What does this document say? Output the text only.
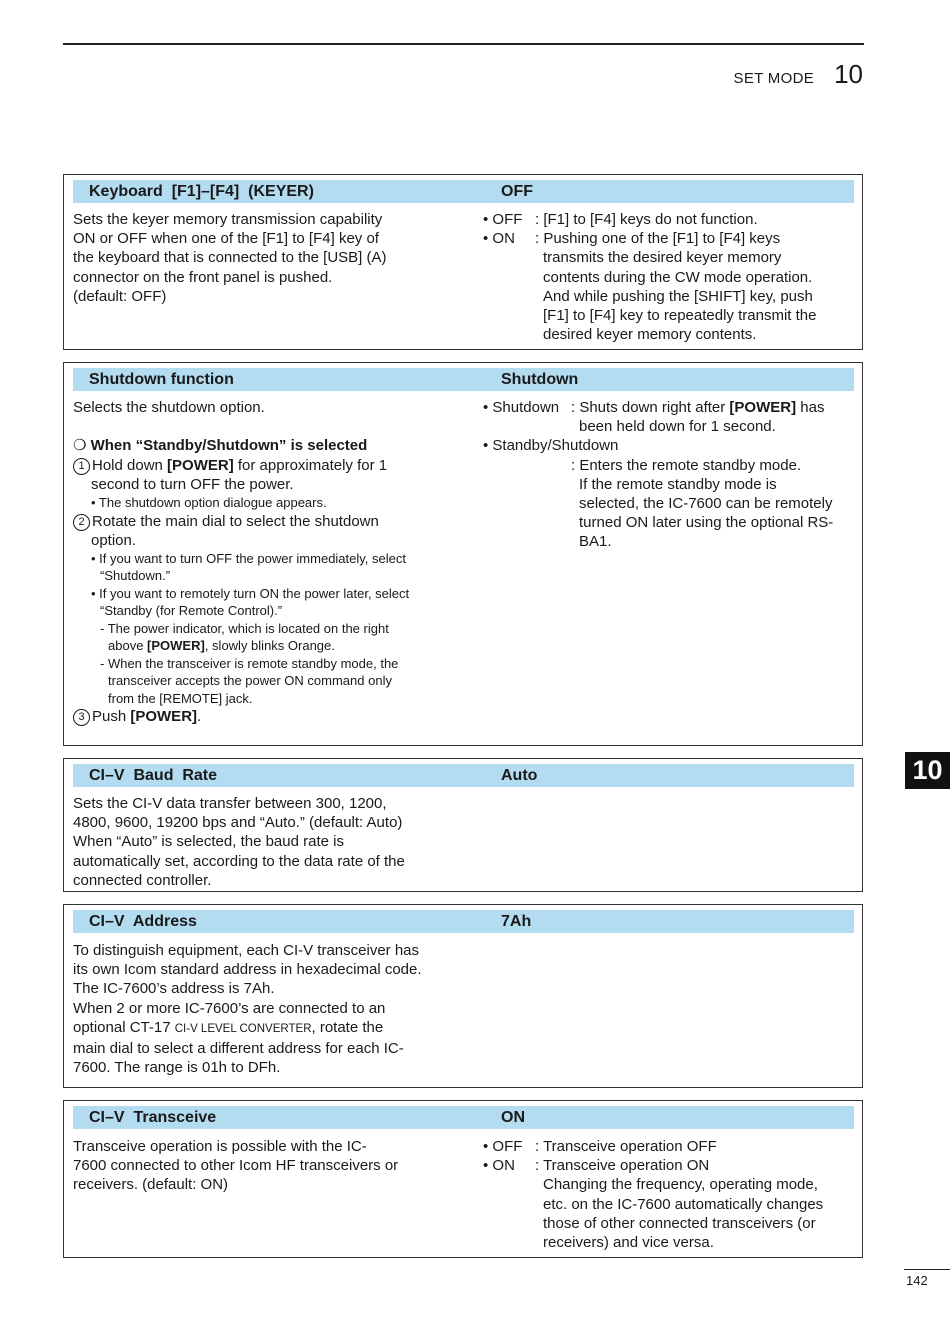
SET MODE 10
10
142
Keyboard  [F1]–[F4]  (KEYER)	OFF
Sets the keyer memory transmission capability
ON or OFF when one of the [F1] to [F4] key of
the keyboard that is connected to the [USB] (A)
connector on the front panel is pushed.
(default: OFF)
• OFF : [F1] to [F4] keys do not function.
• ON	: Pushing one of the [F1] to [F4] keys
transmits the desired keyer memory
contents during the CW mode operation.
And while pushing the [SHIFT] key, push
[F1] to [F4] key to repeatedly transmit the
desired keyer memory contents.
Shutdown function	Shutdown
Selects the shutdown option.
❍ When “Standby/Shutdown” is selected
1 Hold down [POWER] for approximately for 1
second to turn OFF the power.
• The shutdown option dialogue appears.
2 Rotate the main dial to select the shutdown
option.
• If you want to turn OFF the power immediately, select
“Shutdown.”
• If you want to remotely turn ON the power later, select
“Standby (for Remote Control).”
- The power indicator, which is located on the right
above [POWER], slowly blinks Orange.
- When the transceiver is remote standby mode, the
transceiver accepts the power ON command only
from the [REMOTE] jack.
3 Push [POWER].
• Shutdown : Shuts down right after [POWER] has
been held down for 1 second.
• Standby/Shutdown
: Enters the remote standby mode.
If the remote standby mode is
selected, the IC-7600 can be remotely
turned ON later using the optional RS-
BA1.
CI–V  Baud  Rate	Auto
Sets the CI-V data transfer between 300, 1200,
4800, 9600, 19200 bps and “Auto.” (default: Auto)
When “Auto” is selected, the baud rate is
automatically set, according to the data rate of the
connected controller.
CI–V  Address	7Ah
To distinguish equipment, each CI-V transceiver has
its own Icom standard address in hexadecimal code.
The IC-7600’s address is 7Ah.
When 2 or more IC-7600’s are connected to an
optional CT-17 CI-V LEVEL CONVERTER, rotate the
main dial to select a different address for each IC-
7600. The range is 01h to DFh.
CI–V  Transceive	ON
Transceive operation is possible with the IC-
7600 connected to other Icom HF transceivers or
receivers. (default: ON)
• OFF : Transceive operation OFF
• ON	: Transceive operation ON
Changing the frequency, operating mode,
etc. on the IC-7600 automatically changes
those of other connected transceivers (or
receivers) and vice versa.
